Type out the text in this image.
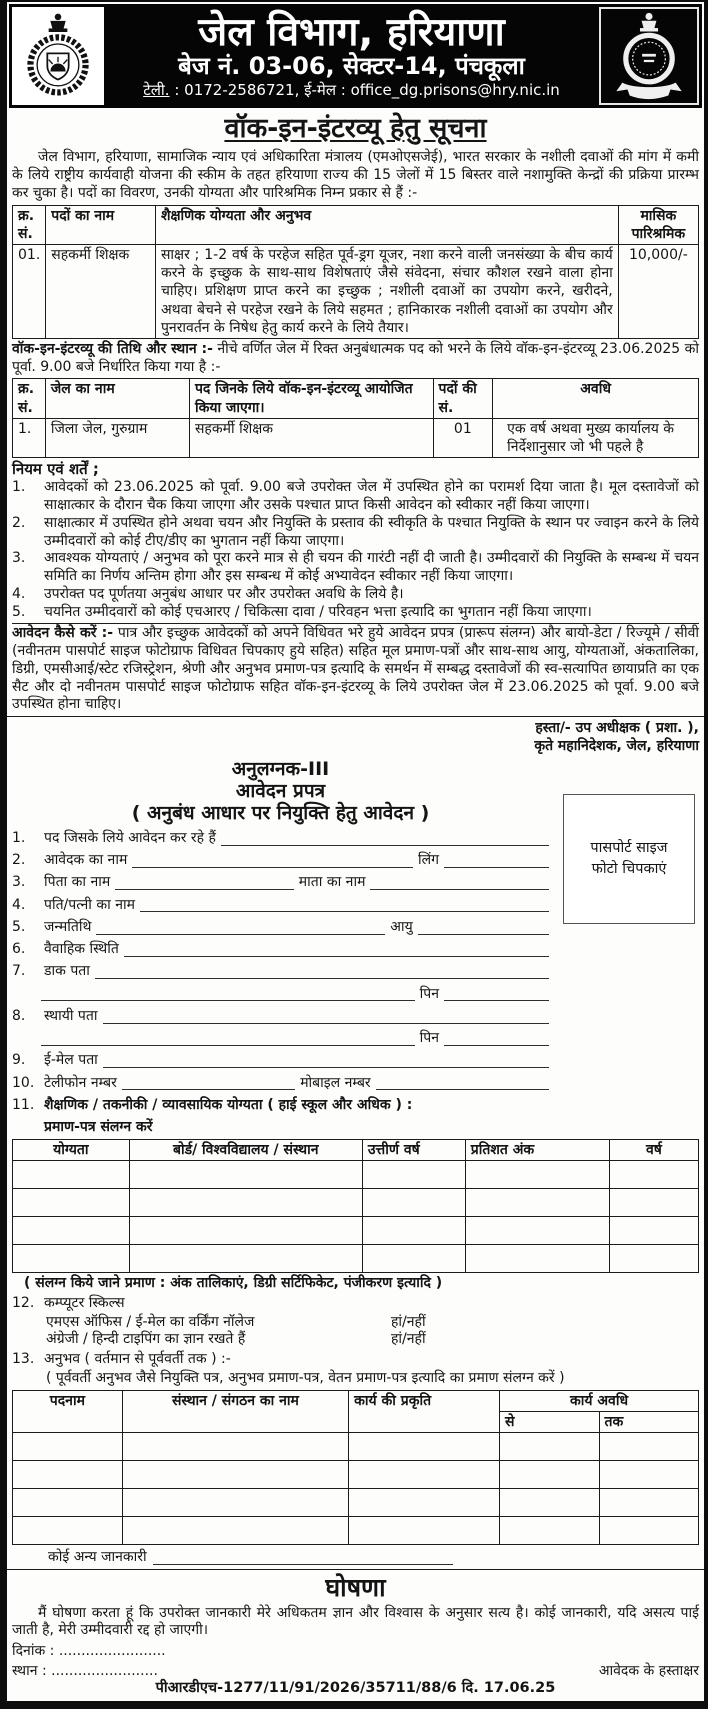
जेल विभाग, हरियाणा
बेज नं. 03-06, सेक्टर-14, पंचकूला
टेली. : 0172-2586721, ई-मेल : office_dg.prisons@hry.nic.in
वॉक-इन-इंटरव्यू हेतु सूचना

जेल विभाग, हरियाणा, सामाजिक न्याय एवं अधिकारिता मंत्रालय (एमओएसजेई), भारत सरकार के नशीली दवाओं की मांग में कमी के लिये राष्ट्रीय कार्यवाही योजना की स्कीम के तहत हरियाणा राज्य की 15 जेलों में 15 बिस्तर वाले नशामुक्ति केन्द्रों की प्रक्रिया प्रारम्भ कर चुका है। पदों का विवरण, उनकी योग्यता और पारिश्रमिक निम्न प्रकार से हैं :-

क्र. सं.	पदों का नाम	शैक्षणिक योग्यता और अनुभव	मासिक पारिश्रमिक
01.	सहकर्मी शिक्षक	साक्षर ; 1-2 वर्ष के परहेज सहित पूर्व-ड्रग यूजर, नशा करने वाली जनसंख्या के बीच कार्य करने के इच्छुक के साथ-साथ विशेषताएं जैसे संवेदना, संचार कौशल रखने वाला होना चाहिए। प्रशिक्षण प्राप्त करने का इच्छुक ; नशीली दवाओं का उपयोग करने, खरीदने, अथवा बेचने से परहेज रखने के लिये सहमत ; हानिकारक नशीली दवाओं का उपयोग और पुनरावर्तन के निषेध हेतु कार्य करने के लिये तैयार।	10,000/-

वॉक-इन-इंटरव्यू की तिथि और स्थान :- नीचे वर्णित जेल में रिक्त अनुबंधात्मक पद को भरने के लिये वॉक-इन-इंटरव्यू 23.06.2025 को पूर्वा. 9.00 बजे निर्धारित किया गया है :-

क्र. सं.	जेल का नाम	पद जिनके लिये वॉक-इन-इंटरव्यू आयोजित किया जाएगा।	पदों की सं.	अवधि
1.	जिला जेल, गुरुग्राम	सहकर्मी शिक्षक	01	एक वर्ष अथवा मुख्य कार्यालय के निर्देशानुसार जो भी पहले है
नियम एवं शर्तें ;
1.	आवेदकों को 23.06.2025 को पूर्वा. 9.00 बजे उपरोक्त जेल में उपस्थित होने का परामर्श दिया जाता है। मूल दस्तावेजों को साक्षात्कार के दौरान चैक किया जाएगा और उसके पश्चात प्राप्त किसी आवेदन को स्वीकार नहीं किया जाएगा।
2.	साक्षात्कार में उपस्थित होने अथवा चयन और नियुक्ति के प्रस्ताव की स्वीकृति के पश्चात नियुक्ति के स्थान पर ज्वाइन करने के लिये उम्मीदवारों को कोई टीए/डीए का भुगतान नहीं किया जाएगा।
3.	आवश्यक योग्यताएं / अनुभव को पूरा करने मात्र से ही चयन की गारंटी नहीं दी जाती है। उम्मीदवारों की नियुक्ति के सम्बन्ध में चयन समिति का निर्णय अन्तिम होगा और इस सम्बन्ध में कोई अभ्यावेदन स्वीकार नहीं किया जाएगा।
4.	उपरोक्त पद पूर्णतया अनुबंध आधार पर और उपरोक्त अवधि के लिये है।
5.	चयनित उम्मीदवारों को कोई एचआरए / चिकित्सा दावा / परिवहन भत्ता इत्यादि का भुगतान नहीं किया जाएगा।

आवेदन कैसे करें :- पात्र और इच्छुक आवेदकों को अपने विधिवत भरे हुये आवेदन प्रपत्र (प्रारूप संलग्न) और बायो-डेटा / रिज्यूमे / सीवी (नवीनतम पासपोर्ट साइज फोटोग्राफ विधिवत चिपकाए हुये सहित) सहित मूल प्रमाण-पत्रों और साथ-साथ आयु, योग्यताओं, अंकतालिका, डिग्री, एमसीआई/स्टेट रजिस्ट्रेशन, श्रेणी और अनुभव प्रमाण-पत्र इत्यादि के समर्थन में सम्बद्ध दस्तावेजों की स्व-सत्यापित छायाप्रति का एक सैट और दो नवीनतम पासपोर्ट साइज फोटोग्राफ सहित वॉक-इन-इंटरव्यू के लिये उपरोक्त जेल में 23.06.2025 को पूर्वा. 9.00 बजे उपस्थित होना चाहिए।

हस्ता/- उप अधीक्षक ( प्रशा. ),
कृते महानिदेशक, जेल, हरियाणा
अनुलग्नक-III
आवेदन प्रपत्र
( अनुबंध आधार पर नियुक्ति हेतु आवेदन )
पासपोर्ट साइज
फोटो चिपकाएं
1.	पद जिसके लिये आवेदन कर रहे हैं
2.	आवेदक का नाम	लिंग
3.	पिता का नाम	माता का नाम
4.	पति/पत्नी का नाम
5.	जन्मतिथि	आयु
6.	वैवाहिक स्थिति
7.	डाक पता
पिन
8.	स्थायी पता
पिन
9.	ई-मेल पता
10. टेलीफोन नम्बर	मोबाइल नम्बर
11. शैक्षणिक / तकनीकी / व्यावसायिक योग्यता ( हाई स्कूल और अधिक ) :
प्रमाण-पत्र संलग्न करें
योग्यता	बोर्ड/ विश्वविद्यालय / संस्थान	उत्तीर्ण वर्ष	प्रतिशत अंक	वर्ष

( संलग्न किये जाने प्रमाण : अंक तालिकाएं, डिग्री सर्टिफिकेट, पंजीकरण इत्यादि )
12. कम्प्यूटर स्किल्स
एमएस ऑफिस / ई-मेल का वर्किंग नॉलेज	हां/नहीं
अंग्रेजी / हिन्दी टाइपिंग का ज्ञान रखते हैं	हां/नहीं
13. अनुभव ( वर्तमान से पूर्ववर्ती तक ) :-
( पूर्ववर्ती अनुभव जैसे नियुक्ति पत्र, अनुभव प्रमाण-पत्र, वेतन प्रमाण-पत्र इत्यादि का प्रमाण संलग्न करें )
पदनाम	संस्थान / संगठन का नाम	कार्य की प्रकृति	कार्य अवधि	
			से	तक

कोई अन्य जानकारी
घोषणा

मैं घोषणा करता हूं कि उपरोक्त जानकारी मेरे अधिकतम ज्ञान और विश्वास के अनुसार सत्य है। कोई जानकारी, यदि असत्य पाई जाती है, मेरी उम्मीदवारी रद्द हो जाएगी।

दिनांक : ........................
स्थान : ........................	आवेदक के हस्ताक्षर
पीआरडीएच-1277/11/91/2026/35711/88/6 दि. 17.06.25
